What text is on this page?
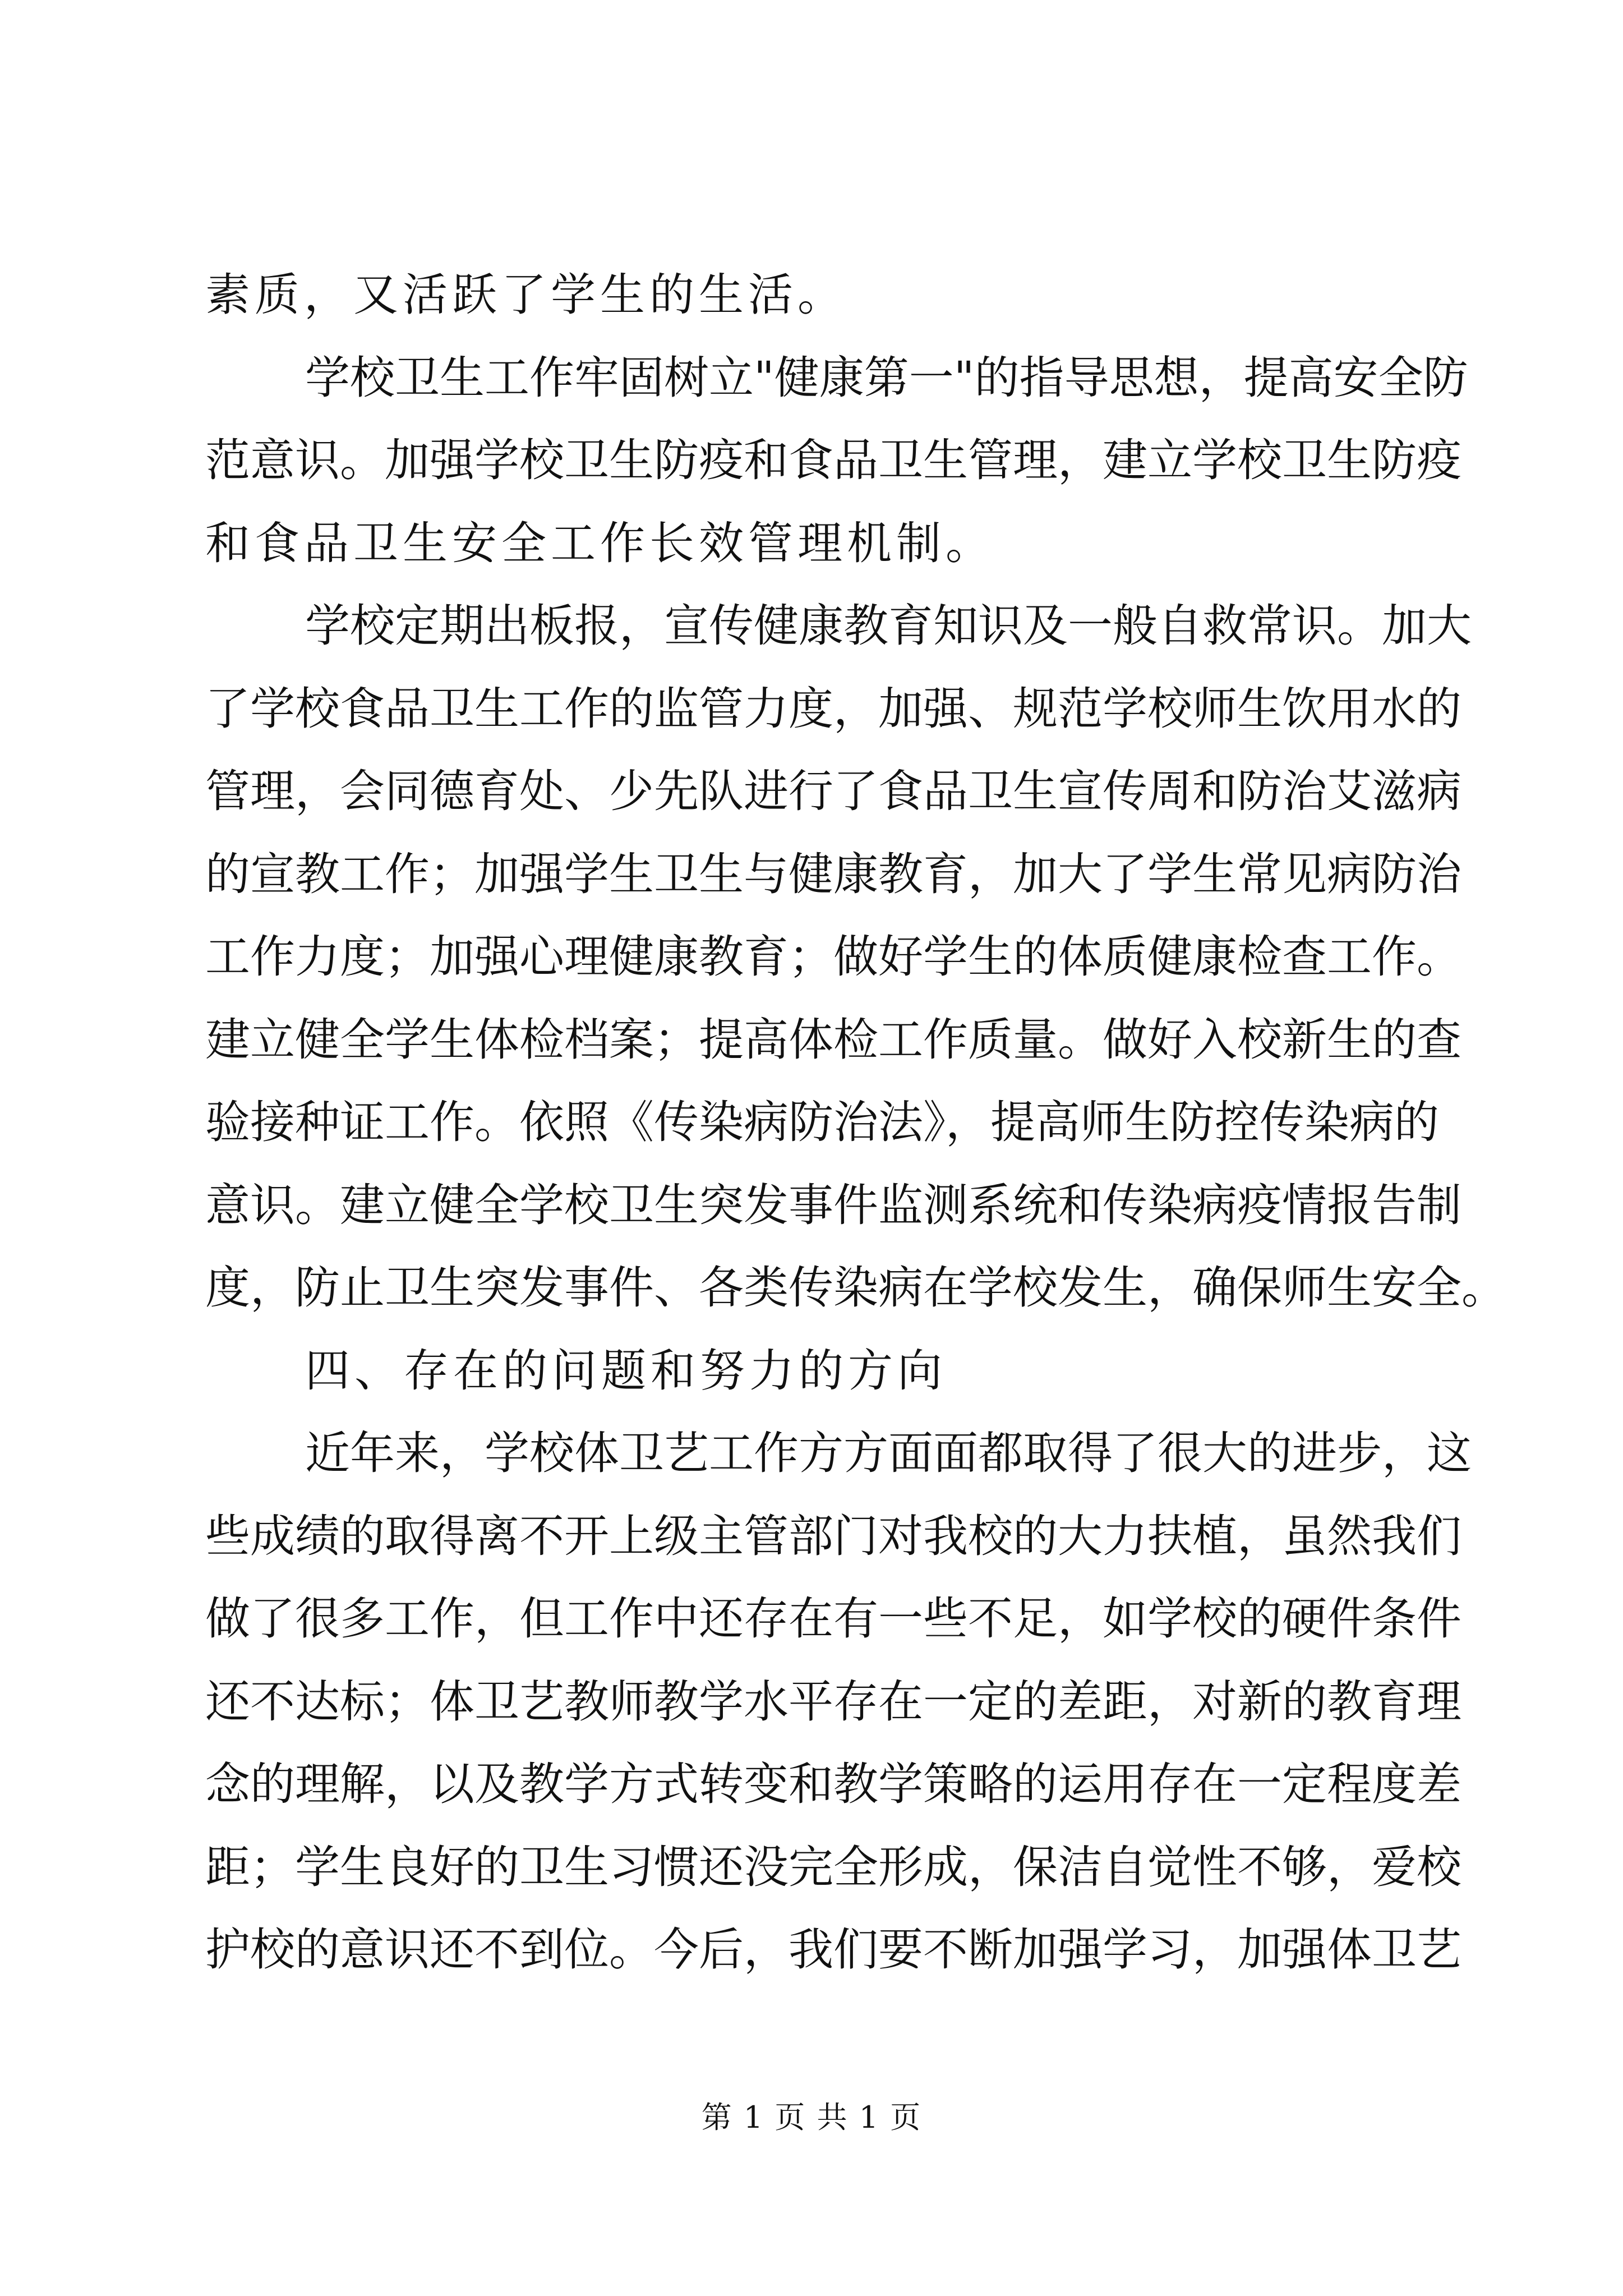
素质，又活跃了学生的生活。
学校卫生工作牢固树立"健康第一"的指导思想，提高安全防
范意识。加强学校卫生防疫和食品卫生管理，建立学校卫生防疫
和食品卫生安全工作长效管理机制。
学校定期出板报，宣传健康教育知识及一般自救常识。加大
了学校食品卫生工作的监管力度，加强、规范学校师生饮用水的
管理，会同德育处、少先队进行了食品卫生宣传周和防治艾滋病
的宣教工作；加强学生卫生与健康教育，加大了学生常见病防治
工作力度；加强心理健康教育；做好学生的体质健康检查工作。
建立健全学生体检档案；提高体检工作质量。做好入校新生的查
验接种证工作。依照《传染病防治法》，提高师生防控传染病的
意识。建立健全学校卫生突发事件监测系统和传染病疫情报告制
度，防止卫生突发事件、各类传染病在学校发生，确保师生安全。
四、存在的问题和努力的方向
近年来，学校体卫艺工作方方面面都取得了很大的进步，这
些成绩的取得离不开上级主管部门对我校的大力扶植，虽然我们
做了很多工作，但工作中还存在有一些不足，如学校的硬件条件
还不达标；体卫艺教师教学水平存在一定的差距，对新的教育理
念的理解，以及教学方式转变和教学策略的运用存在一定程度差
距；学生良好的卫生习惯还没完全形成，保洁自觉性不够，爱校
护校的意识还不到位。今后，我们要不断加强学习，加强体卫艺
第 1 页 共 1 页
